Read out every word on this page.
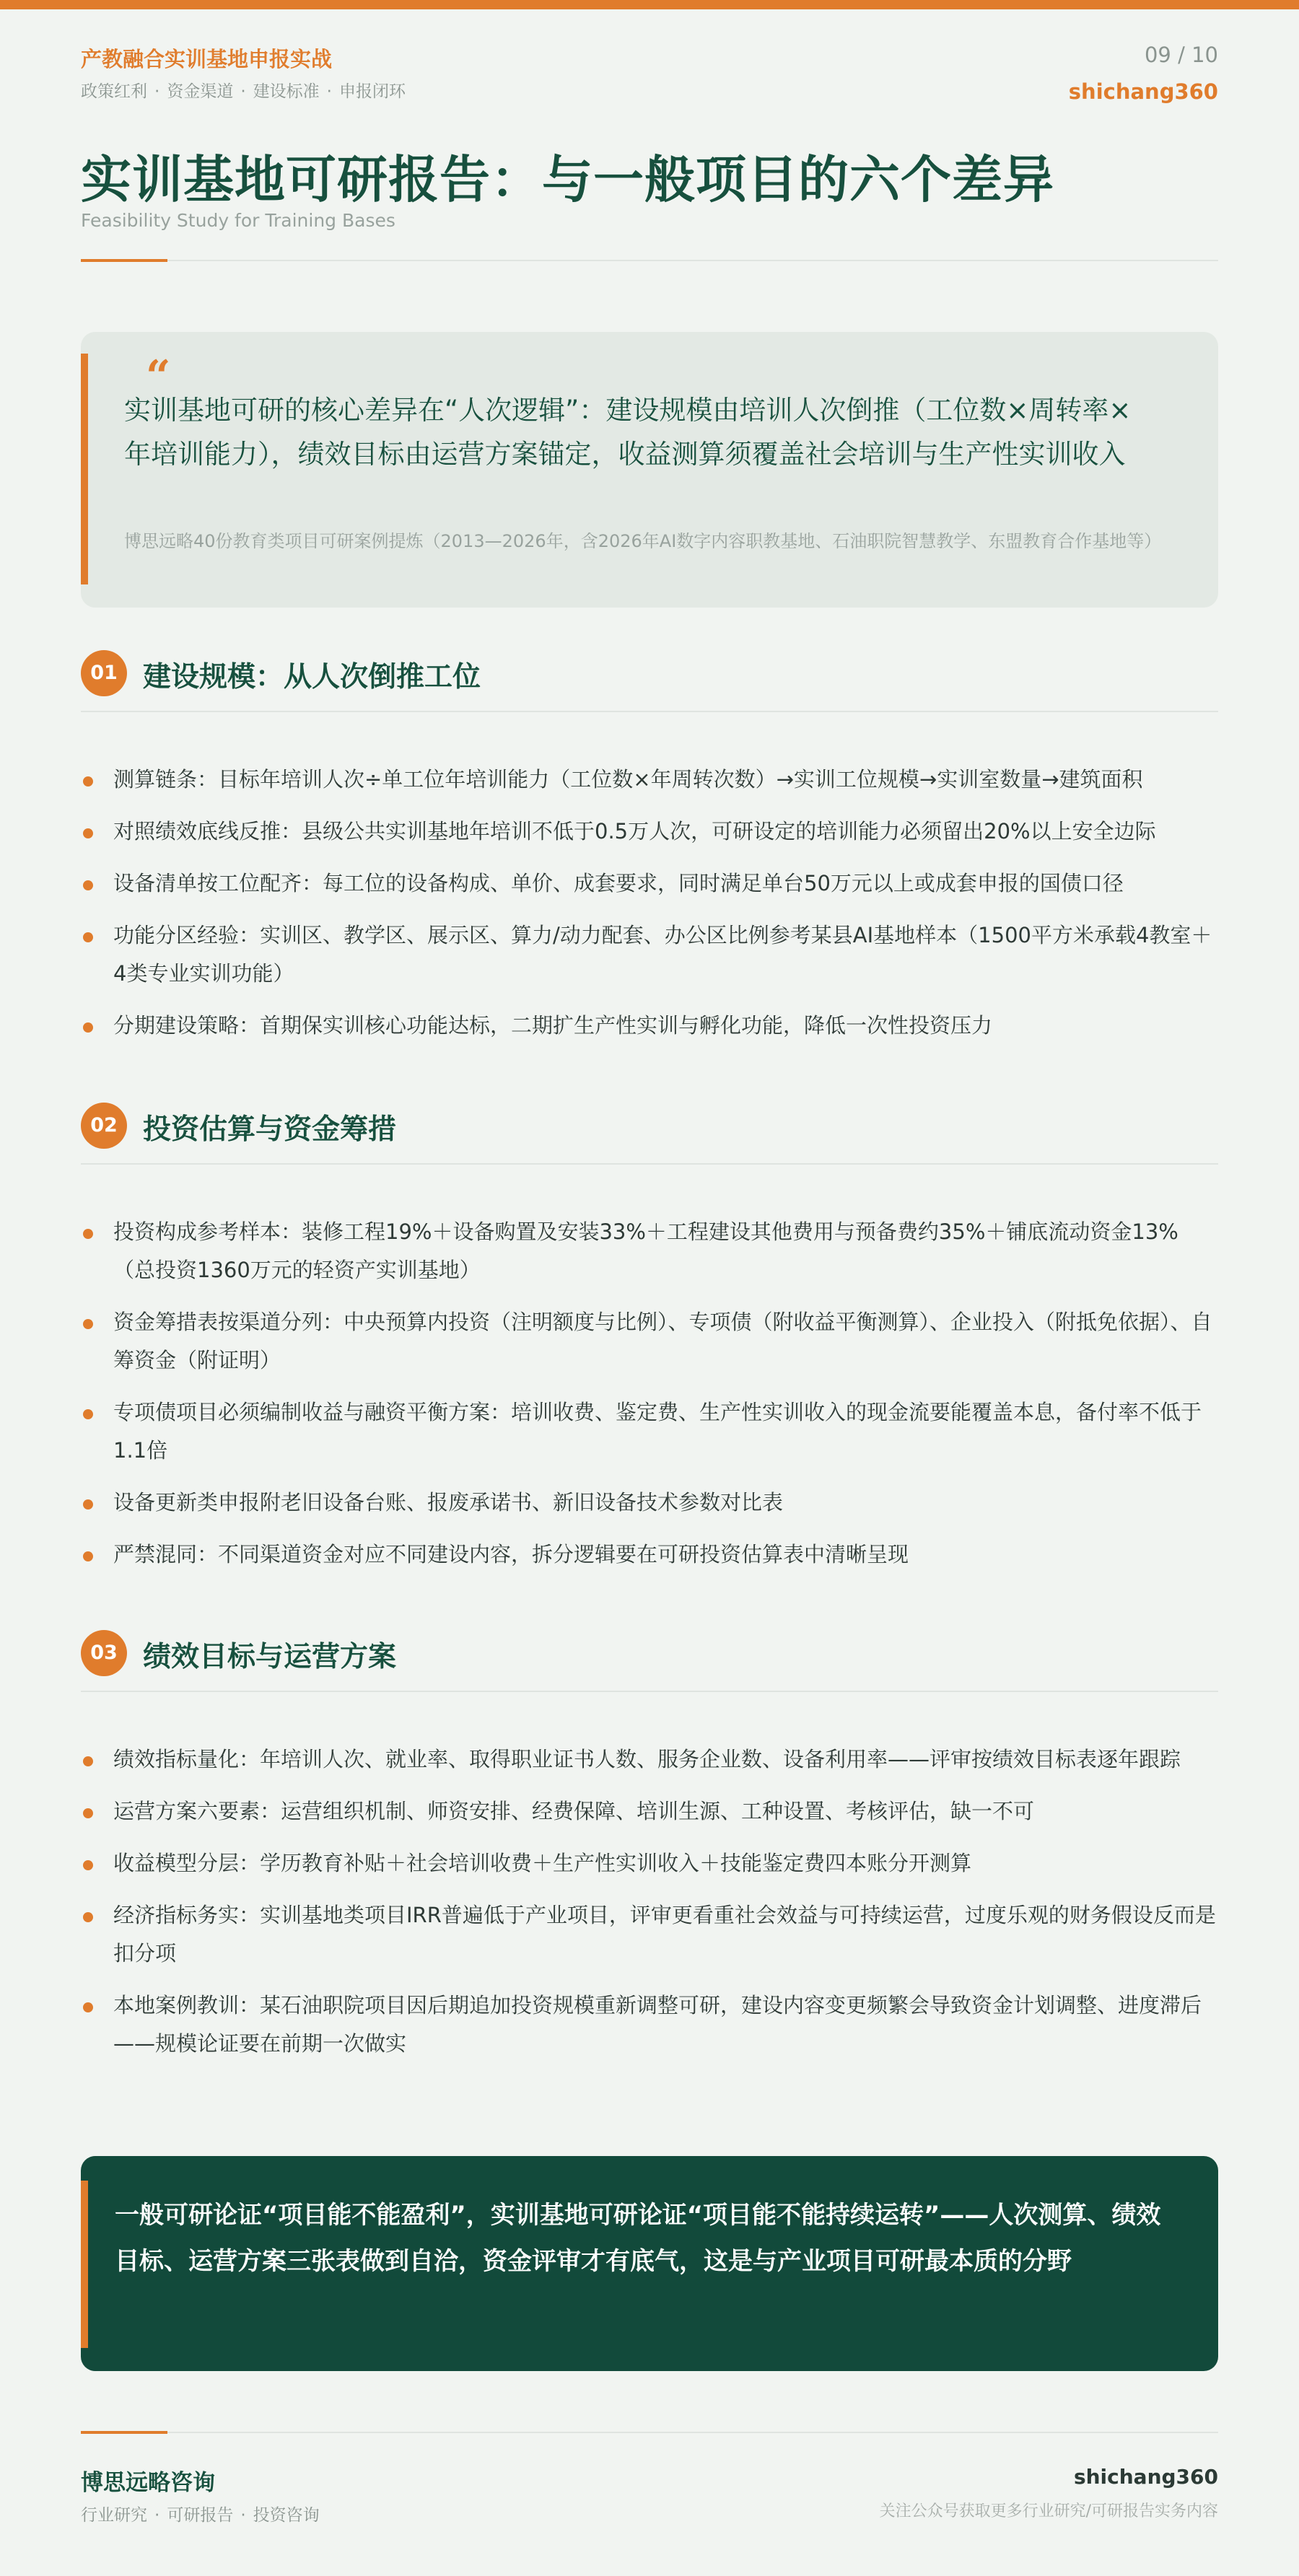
产教融合实训基地申报实战
政策红利 · 资金渠道 · 建设标准 · 申报闭环
09 / 10
shichang360
实训基地可研报告：与一般项目的六个差异
Feasibility Study for Training Bases
“
实训基地可研的核心差异在“人次逻辑”：建设规模由培训人次倒推（工位数×周转率×年培训能力），绩效目标由运营方案锚定，收益测算须覆盖社会培训与生产性实训收入
博思远略40份教育类项目可研案例提炼（2013—2026年，含2026年AI数字内容职教基地、石油职院智慧教学、东盟教育合作基地等）
01 建设规模：从人次倒推工位
测算链条：目标年培训人次÷单工位年培训能力（工位数×年周转次数）→实训工位规模→实训室数量→建筑面积
对照绩效底线反推：县级公共实训基地年培训不低于0.5万人次，可研设定的培训能力必须留出20%以上安全边际
设备清单按工位配齐：每工位的设备构成、单价、成套要求，同时满足单台50万元以上或成套申报的国债口径
功能分区经验：实训区、教学区、展示区、算力/动力配套、办公区比例参考某县AI基地样本（1500平方米承载4教室＋4类专业实训功能）
分期建设策略：首期保实训核心功能达标，二期扩生产性实训与孵化功能，降低一次性投资压力
02 投资估算与资金筹措
投资构成参考样本：装修工程19%＋设备购置及安装33%＋工程建设其他费用与预备费约35%＋铺底流动资金13%（总投资1360万元的轻资产实训基地）
资金筹措表按渠道分列：中央预算内投资（注明额度与比例）、专项债（附收益平衡测算）、企业投入（附抵免依据）、自筹资金（附证明）
专项债项目必须编制收益与融资平衡方案：培训收费、鉴定费、生产性实训收入的现金流要能覆盖本息，备付率不低于1.1倍
设备更新类申报附老旧设备台账、报废承诺书、新旧设备技术参数对比表
严禁混同：不同渠道资金对应不同建设内容，拆分逻辑要在可研投资估算表中清晰呈现
03 绩效目标与运营方案
绩效指标量化：年培训人次、就业率、取得职业证书人数、服务企业数、设备利用率——评审按绩效目标表逐年跟踪
运营方案六要素：运营组织机制、师资安排、经费保障、培训生源、工种设置、考核评估，缺一不可
收益模型分层：学历教育补贴＋社会培训收费＋生产性实训收入＋技能鉴定费四本账分开测算
经济指标务实：实训基地类项目IRR普遍低于产业项目，评审更看重社会效益与可持续运营，过度乐观的财务假设反而是扣分项
本地案例教训：某石油职院项目因后期追加投资规模重新调整可研，建设内容变更频繁会导致资金计划调整、进度滞后——规模论证要在前期一次做实
一般可研论证“项目能不能盈利”，实训基地可研论证“项目能不能持续运转”——人次测算、绩效目标、运营方案三张表做到自洽，资金评审才有底气，这是与产业项目可研最本质的分野
博思远略咨询
行业研究 · 可研报告 · 投资咨询
shichang360
关注公众号获取更多行业研究/可研报告实务内容
